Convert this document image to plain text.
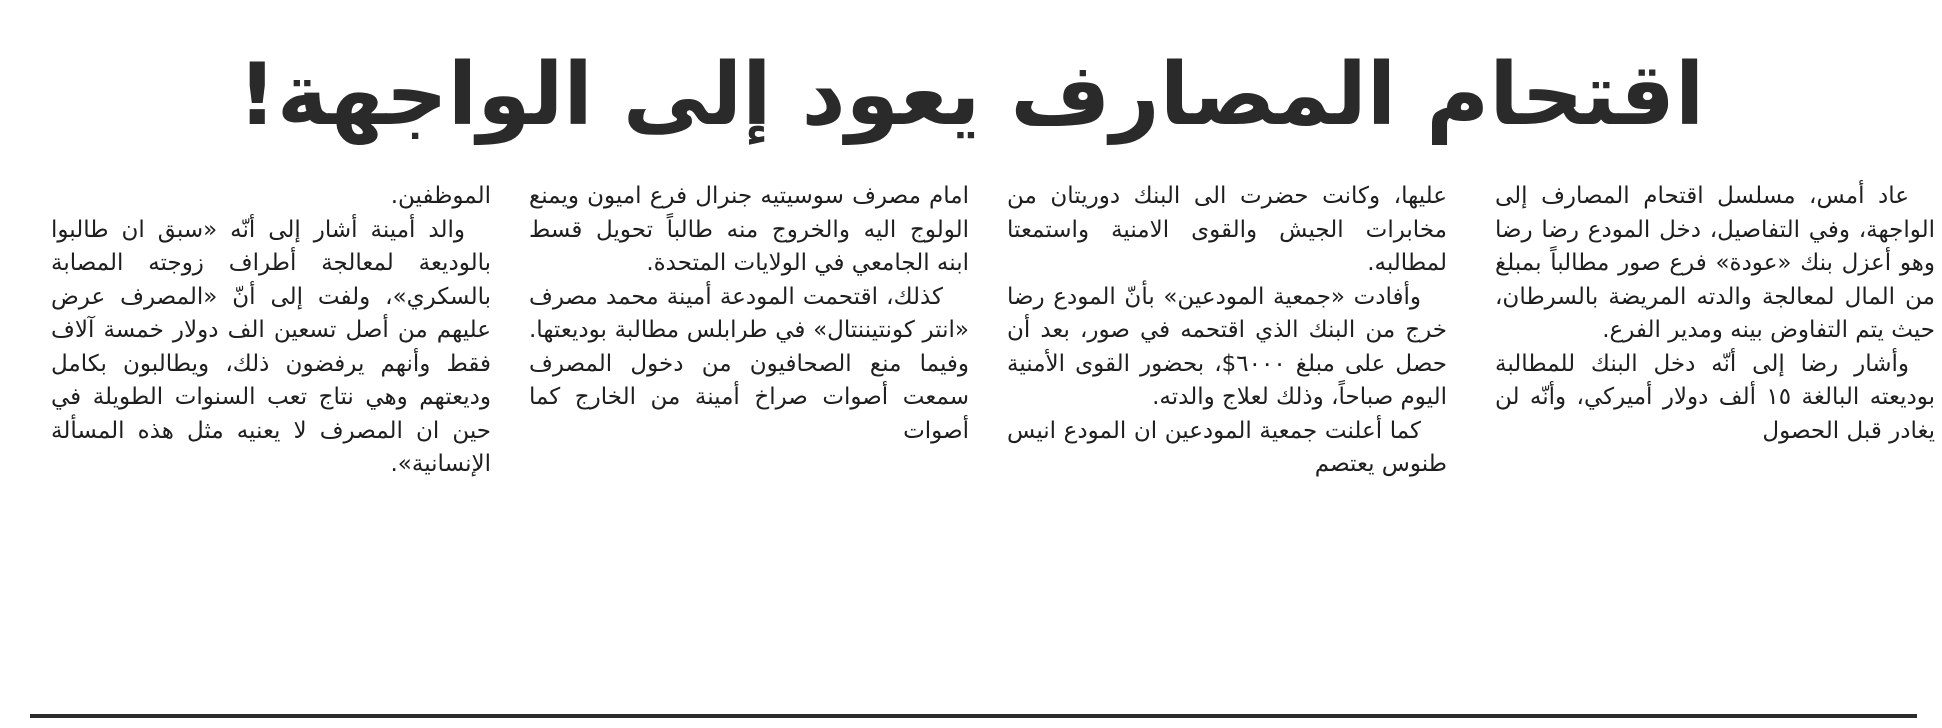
اقتحام المصارف يعود إلى الواجهة!

عاد أمس، مسلسل اقتحام المصارف إلى الواجهة، وفي التفاصيل، دخل المودع رضا رضا وهو أعزل بنك «عودة» فرع صور مطالباً بمبلغ من المال لمعالجة والدته المريضة بالسرطان، حيث يتم التفاوض بينه ومدير الفرع.

وأشار رضا إلى أنّه دخل البنك للمطالبة بوديعته البالغة ١٥ ألف دولار أميركي، وأنّه لن يغادر قبل الحصول

عليها، وكانت حضرت الى البنك دوريتان من مخابرات الجيش والقوى الامنية واستمعتا لمطالبه.

وأفادت «جمعية المودعين» بأنّ المودع رضا خرج من البنك الذي اقتحمه في صور، بعد أن حصل على مبلغ ٦٠٠٠$، بحضور القوى الأمنية اليوم صباحاً، وذلك لعلاج والدته.

كما أعلنت جمعية المودعين ان المودع انيس طنوس يعتصم

امام مصرف سوسيتيه جنرال فرع اميون ويمنع الولوج اليه والخروج منه طالباً تحويل قسط ابنه الجامعي في الولايات المتحدة.

كذلك، اقتحمت المودعة أمينة محمد مصرف «انتر كونتيننتال» في طرابلس مطالبة بوديعتها. وفيما منع الصحافيون من دخول المصرف سمعت أصوات صراخ أمينة من الخارج كما أصوات

الموظفين.

والد أمينة أشار إلى أنّه «سبق ان طالبوا بالوديعة لمعالجة أطراف زوجته المصابة بالسكري»، ولفت إلى أنّ «المصرف عرض عليهم من أصل تسعين الف دولار خمسة آلاف فقط وأنهم يرفضون ذلك، ويطالبون بكامل وديعتهم وهي نتاج تعب السنوات الطويلة في حين ان المصرف لا يعنيه مثل هذه المسألة الإنسانية».
